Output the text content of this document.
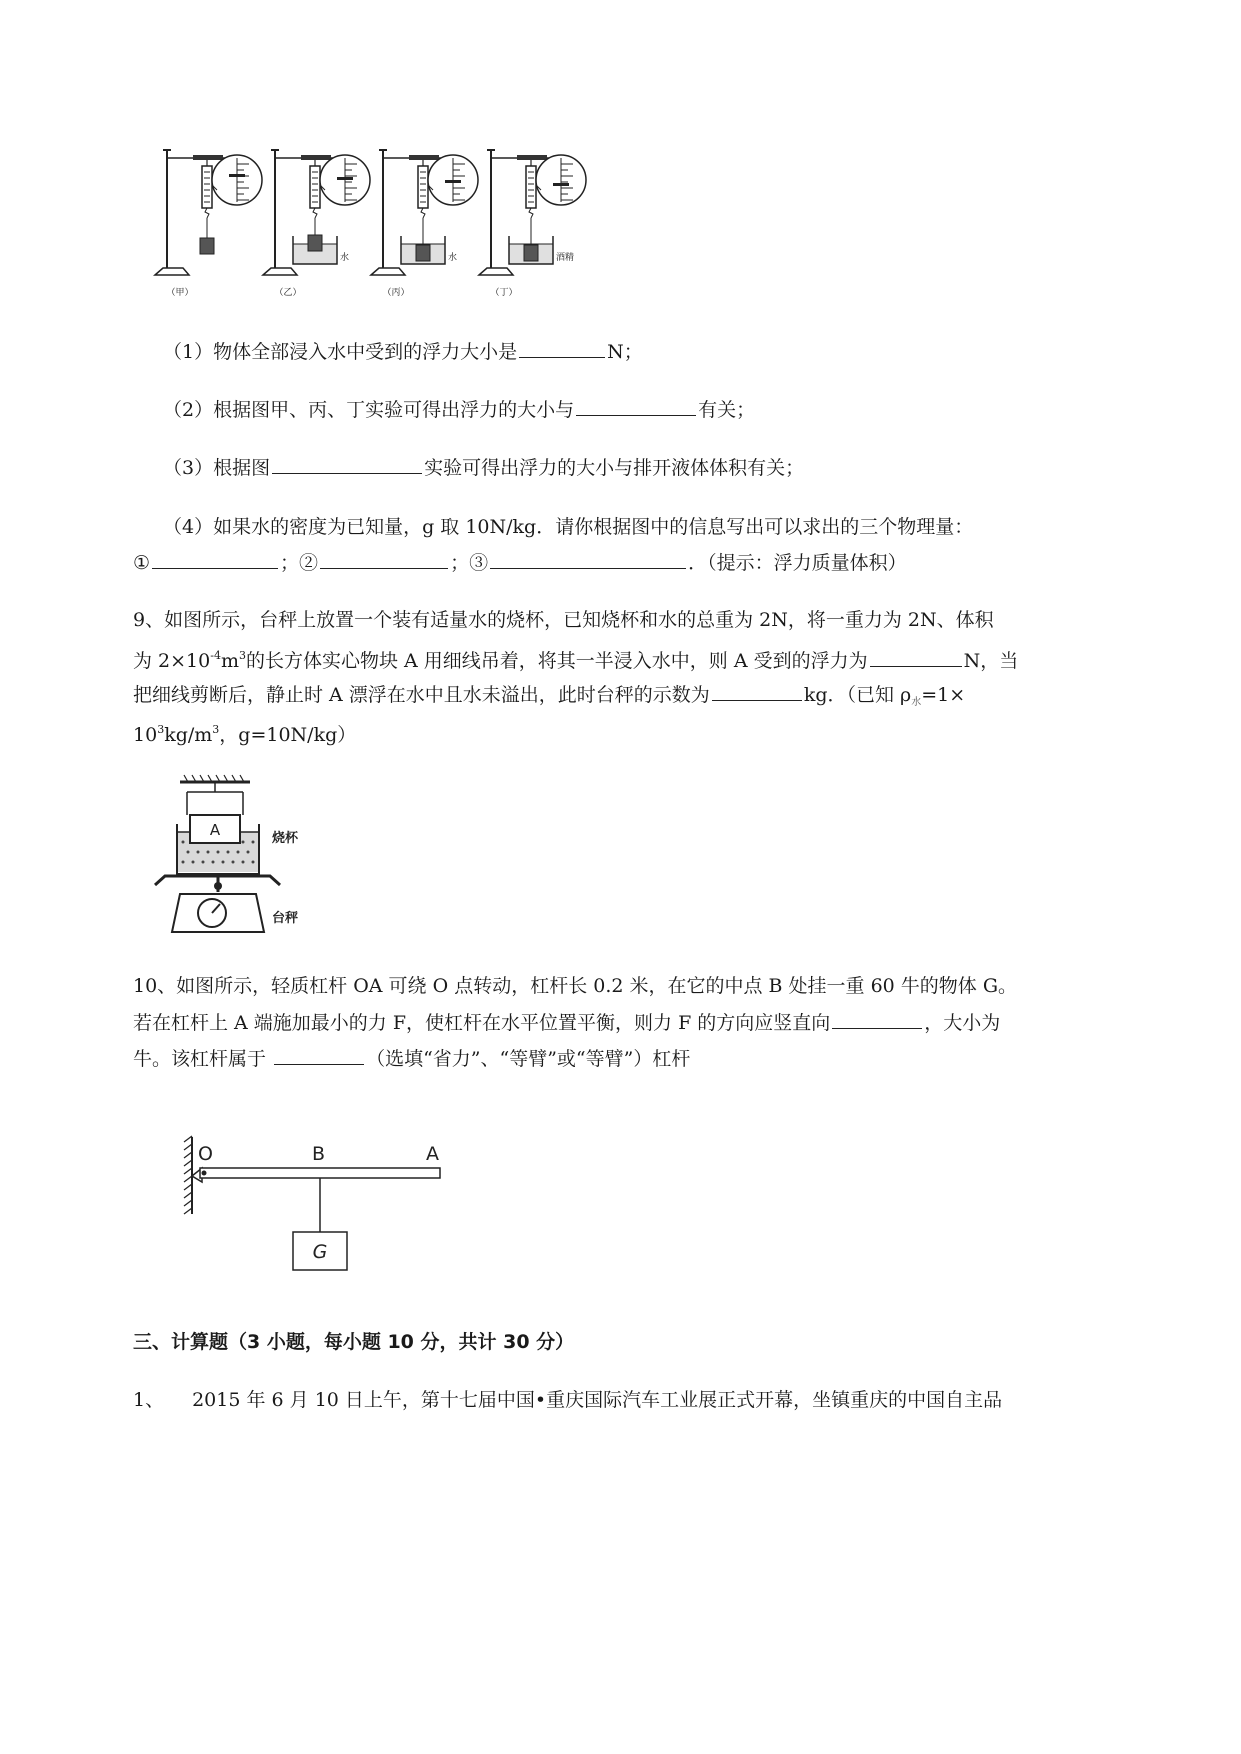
（甲）
水
（乙）
水
（丙）
酒精
（丁）
（1）物体全部浸入水中受到的浮力大小是	N；
（2）根据图甲、丙、丁实验可得出浮力的大小与	有关；
（3）根据图	实验可得出浮力的大小与排开液体体积有关；
（4）如果水的密度为已知量，g 取 10N/kg．请你根据图中的信息写出可以求出的三个物理量：
①	；②	；③	．（提示：浮力质量体积）
9、如图所示，台秤上放置一个装有适量水的烧杯，已知烧杯和水的总重为 2N，将一重力为 2N、体积
为 $2\times 10^{-4}m^3$的长方体实心物块 A 用细线吊着，将其一半浸入水中，则 A 受到的浮力为	N，当
把细线剪断后，静止时 A 漂浮在水中且水未溢出，此时台秤的示数为	kg．（已知 $\rho_水=1\times$
$10^3kg/m^3$，g=10N/kg）
A	烧杯
台秤
10、如图所示，轻质杠杆 OA 可绕 O 点转动，杠杆长 0.2 米，在它的中点 B 处挂一重 60 牛的物体 G。
若在杠杆上 A 端施加最小的力 F，使杠杆在水平位置平衡，则力 F 的方向应竖直向	，大小为
牛。该杠杆属于	（选填“省力”、“等臂”或“等臂”）杠杆
G
O	B	A
三、计算题（3 小题，每小题 10 分，共计 30 分）
1、 2015 年 6 月 10 日上午，第十七届中国•重庆国际汽车工业展正式开幕，坐镇重庆的中国自主品
